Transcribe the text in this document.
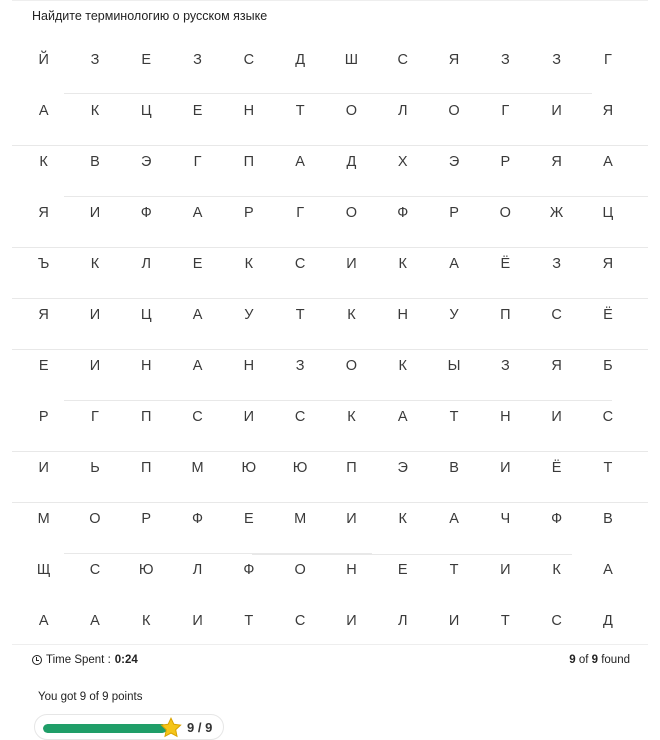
Найдите терминологию о русском языке
Й	З	Е	З	С	Д	Ш	С	Я	З	З	Г
А	К	Ц	Е	Н	Т	О	Л	О	Г	И	Я
К	В	Э	Г	П	А	Д	Х	Э	Р	Я	А
Я	И	Ф	А	Р	Г	О	Ф	Р	О	Ж	Ц
Ъ	К	Л	Е	К	С	И	К	А	Ё	З	Я
Я	И	Ц	А	У	Т	К	Н	У	П	С	Ё
Е	И	Н	А	Н	З	О	К	Ы	З	Я	Б
Р	Г	П	С	И	С	К	А	Т	Н	И	С
И	Ь	П	М	Ю	Ю	П	Э	В	И	Ё	Т
М	О	Р	Ф	Е	М	И	К	А	Ч	Ф	В
Щ	С	Ю	Л	Ф	О	Н	Е	Т	И	К	А
А	А	К	И	Т	С	И	Л	И	Т	С	Д
Time Spent : 0:24	9 of 9 found
You got 9 of 9 points
9 / 9
